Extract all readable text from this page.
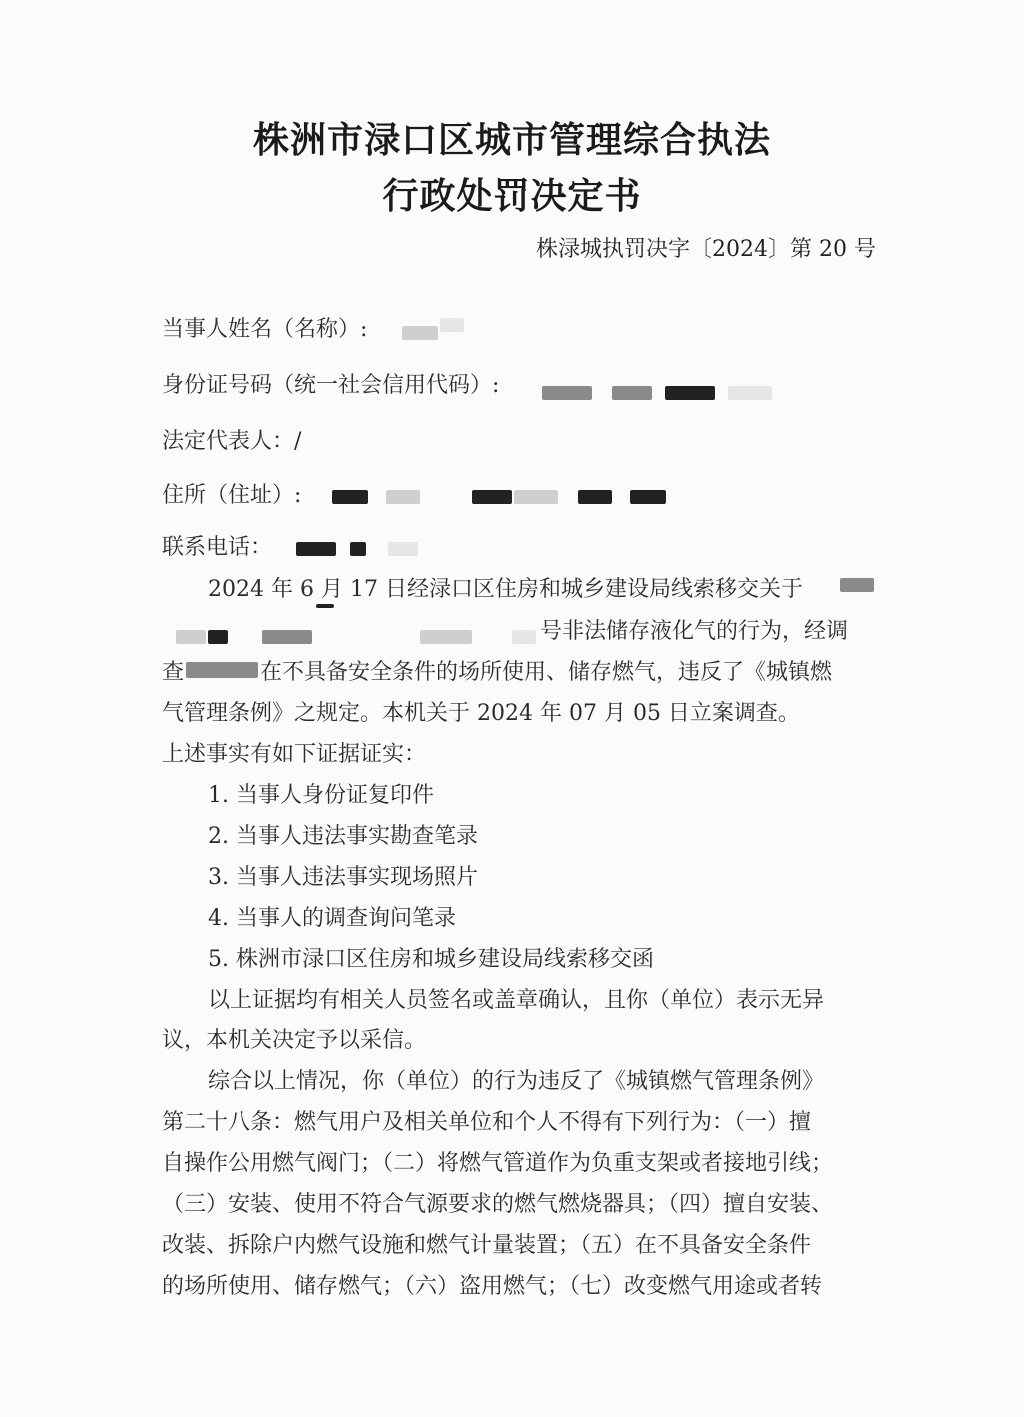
株洲市渌口区城市管理综合执法
行政处罚决定书
株渌城执罚决字〔2024〕第 20 号
当事人姓名（名称）:
身份证号码（统一社会信用代码）:
法定代表人：/
住所（住址）:
联系电话：
2024 年 6 月 17 日经渌口区住房和城乡建设局线索移交关于
号非法储存液化气的行为，经调
查	在不具备安全条件的场所使用、储存燃气，违反了《城镇燃
气管理条例》之规定。本机关于 2024 年 07 月 05 日立案调查。
上述事实有如下证据证实：
1. 当事人身份证复印件
2. 当事人违法事实勘查笔录
3. 当事人违法事实现场照片
4. 当事人的调查询问笔录
5. 株洲市渌口区住房和城乡建设局线索移交函
以上证据均有相关人员签名或盖章确认，且你（单位）表示无异
议，本机关决定予以采信。
综合以上情况，你（单位）的行为违反了《城镇燃气管理条例》
第二十八条：燃气用户及相关单位和个人不得有下列行为：（一）擅
自操作公用燃气阀门；（二）将燃气管道作为负重支架或者接地引线；
（三）安装、使用不符合气源要求的燃气燃烧器具；（四）擅自安装、
改装、拆除户内燃气设施和燃气计量装置；（五）在不具备安全条件
的场所使用、储存燃气；（六）盗用燃气；（七）改变燃气用途或者转
